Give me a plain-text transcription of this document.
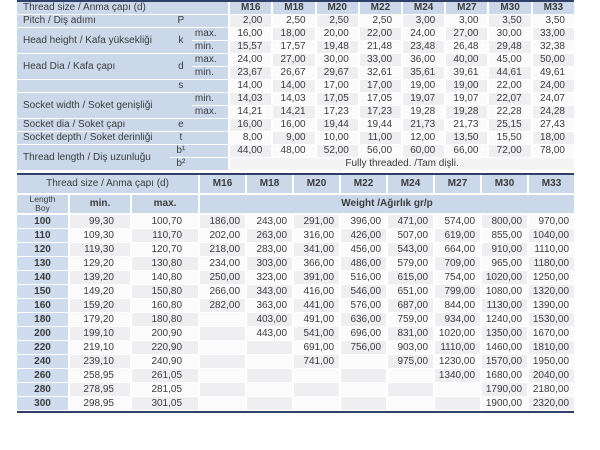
Thread size / Anma çapı (d)			M16	M18	M20	M22	M24	M27	M30	M33
Pitch / Diş adımı	P		2,00	2,50	2,50	2,50	3,00	3,00	3,50	3,50
Head height / Kafa yüksekliği	k	max.	16,00	18,00	20,00	22,00	24,00	27,00	30,00	33,00
		min.	15,57	17,57	19,48	21,48	23,48	26,48	29,48	32,38
Head Dia / Kafa çapı	d	max.	24,00	27,00	30,00	33,00	36,00	40,00	45,00	50,00
		min.	23,67	26,67	29,67	32,61	35,61	39,61	44,61	49,61
	s		14,00	14,00	17,00	17,00	19,00	19,00	22,00	24,00
Socket width / Soket genişliği		min.	14,03	14,03	17,05	17,05	19,07	19,07	22,07	24,07
		max.	14,21	14,21	17,23	17,23	19,28	19,28	22,28	24,28
Socket dia / Soket çapı	e		16,00	16,00	19,44	19,44	21,73	21,73	25,15	27,43
Socket depth / Soket derinliği	t		8,00	9,00	10,00	11,00	12,00	13,50	15,50	18,00
Thread length / Diş uzunluğu	b¹		44,00	48,00	52,00	56,00	60,00	66,00	72,00	78,00
	b²		Fully threaded. /Tam dişli.							
Thread size / Anma çapı (d)			M16	M18	M20	M22	M24	M27	M30	M33
Length
Boy	min.	max.	Weight /Ağırlık gr/p							
100	99,30	100,70	186,00	243,00	291,00	396,00	471,00	574,00	800,00	970,00
110	109,30	110,70	202,00	263,00	316,00	426,00	507,00	619,00	855,00	1040,00
120	119,30	120,70	218,00	283,00	341,00	456,00	543,00	664,00	910,00	1110,00
130	129,20	130,80	234,00	303,00	366,00	486,00	579,00	709,00	965,00	1180,00
140	139,20	140,80	250,00	323,00	391,00	516,00	615,00	754,00	1020,00	1250,00
150	149,20	150,80	266,00	343,00	416,00	546,00	651,00	799,00	1080,00	1320,00
160	159,20	160,80	282,00	363,00	441,00	576,00	687,00	844,00	1130,00	1390,00
180	179,20	180,80		403,00	491,00	636,00	759,00	934,00	1240,00	1530,00
200	199,10	200,90		443,00	541,00	696,00	831,00	1020,00	1350,00	1670,00
220	219,10	220,90			691,00	756,00	903,00	1110,00	1460,00	1810,00
240	239,10	240,90			741,00		975,00	1230,00	1570,00	1950,00
260	258,95	261,05						1340,00	1680,00	2040,00
280	278,95	281,05							1790,00	2180,00
300	298,95	301,05							1900,00	2320,00
